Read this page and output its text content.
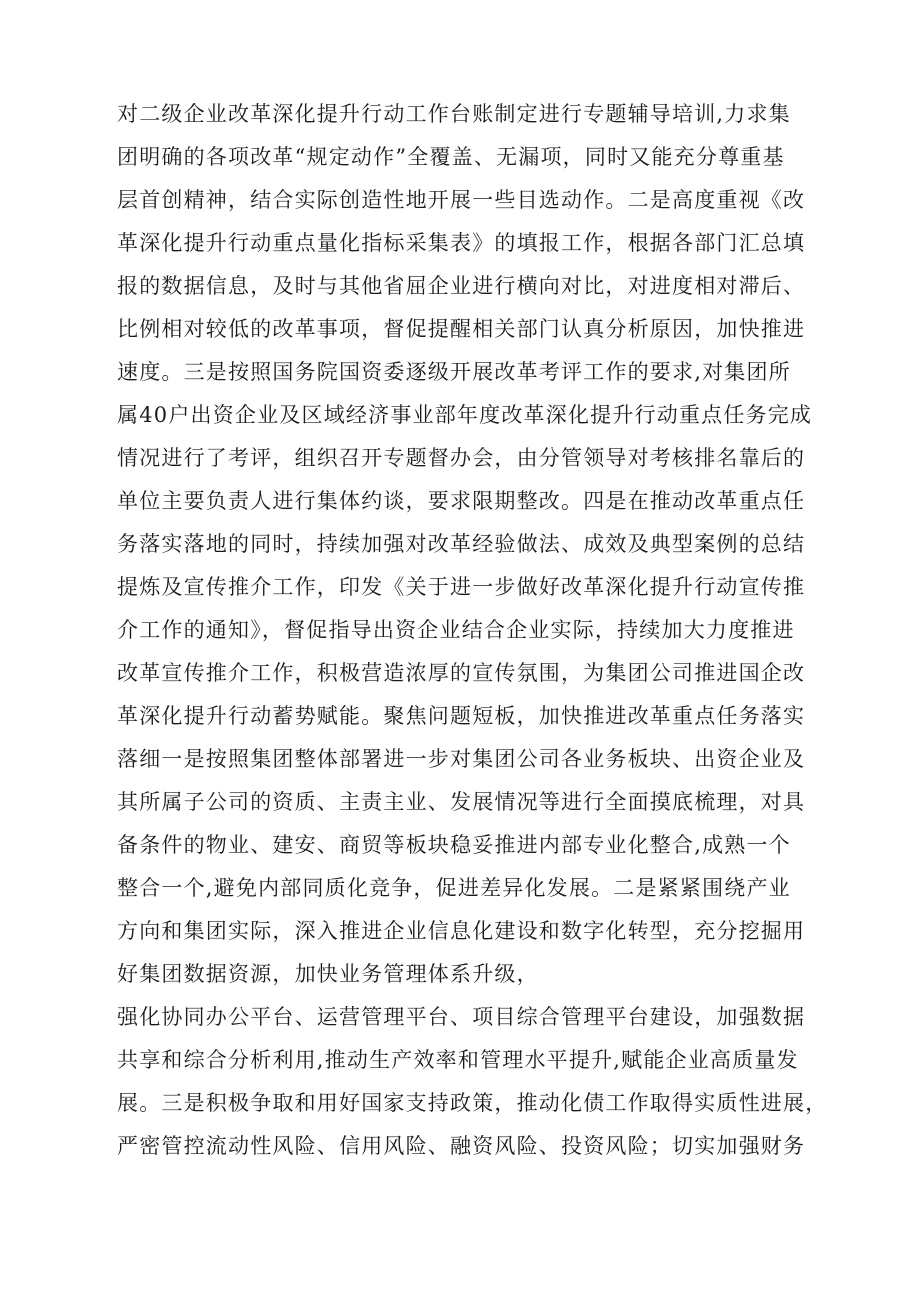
对二级企业改革深化提升行动工作台账制定进行专题辅导培训,力求集
团明确的各项改革“规定动作”全覆盖、无漏项，同时又能充分尊重基
层首创精神，结合实际创造性地开展一些目选动作。二是高度重视《改
革深化提升行动重点量化指标采集表》的填报工作，根据各部门汇总填
报的数据信息，及时与其他省屈企业进行横向对比，对进度相对滞后、
比例相对较低的改革事项，督促提醒相关部门认真分析原因，加快推进
速度。三是按照国务院国资委逐级开展改革考评工作的要求,对集团所
属40户出资企业及区域经济事业部年度改革深化提升行动重点任务完成
情况进行了考评，组织召开专题督办会，由分管领导对考核排名靠后的
单位主要负责人进行集体约谈，要求限期整改。四是在推动改革重点任
务落实落地的同时，持续加强对改革经验做法、成效及典型案例的总结
提炼及宣传推介工作，印发《关于进一步做好改革深化提升行动宣传推
介工作的通知》，督促指导出资企业结合企业实际，持续加大力度推进
改革宣传推介工作，积极营造浓厚的宣传氛围，为集团公司推进国企改
革深化提升行动蓄势赋能。聚焦问题短板，加快推进改革重点任务落实
落细一是按照集团整体部署进一步对集团公司各业务板块、出资企业及
其所属子公司的资质、主责主业、发展情况等进行全面摸底梳理，对具
备条件的物业、建安、商贸等板块稳妥推进内部专业化整合,成熟一个
整合一个,避免内部同质化竞争，促进差异化发展。二是紧紧围绕产业
方向和集团实际，深入推进企业信息化建设和数字化转型，充分挖掘用
好集团数据资源，加快业务管理体系升级，
强化协同办公平台、运营管理平台、项目综合管理平台建设，加强数据
共享和综合分析利用,推动生产效率和管理水平提升,赋能企业高质量发
展。三是积极争取和用好国家支持政策，推动化债工作取得实质性进展，
严密管控流动性风险、信用风险、融资风险、投资风险；切实加强财务
